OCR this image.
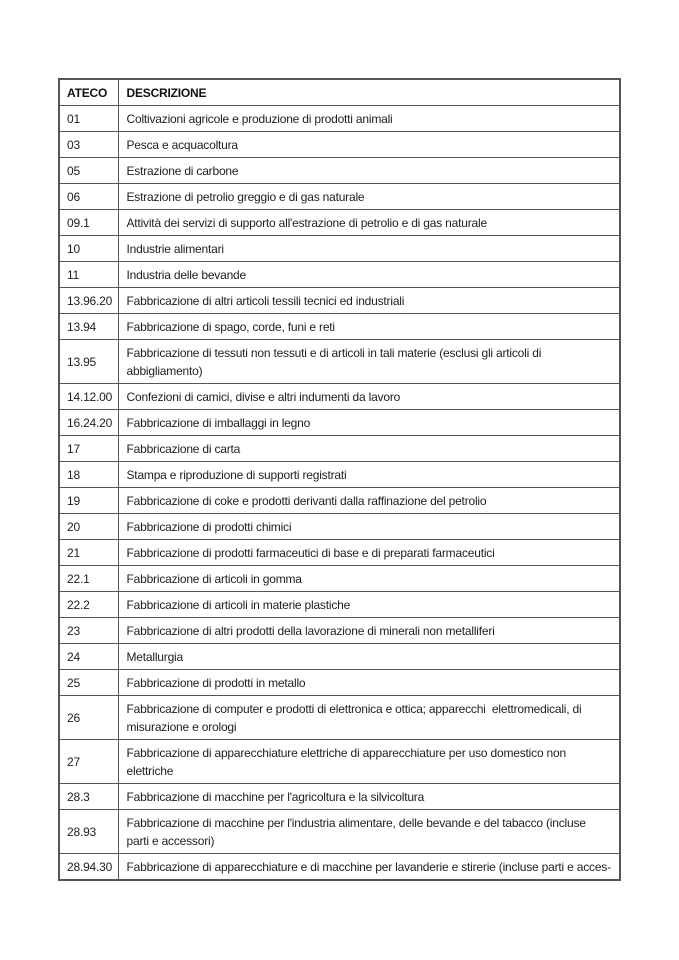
ATECO	DESCRIZIONE
01	Coltivazioni agricole e produzione di prodotti animali
03	Pesca e acquacoltura
05	Estrazione di carbone
06	Estrazione di petrolio greggio e di gas naturale
09.1	Attività dei servizi di supporto all'estrazione di petrolio e di gas naturale
10	Industrie alimentari
11	Industria delle bevande
13.96.20	Fabbricazione di altri articoli tessili tecnici ed industriali
13.94	Fabbricazione di spago, corde, funi e reti
13.95	Fabbricazione di tessuti non tessuti e di articoli in tali materie (esclusi gli articoli di abbigliamento)
14.12.00	Confezioni di camici, divise e altri indumenti da lavoro
16.24.20	Fabbricazione di imballaggi in legno
17	Fabbricazione di carta
18	Stampa e riproduzione di supporti registrati
19	Fabbricazione di coke e prodotti derivanti dalla raffinazione del petrolio
20	Fabbricazione di prodotti chimici
21	Fabbricazione di prodotti farmaceutici di base e di preparati farmaceutici
22.1	Fabbricazione di articoli in gomma
22.2	Fabbricazione di articoli in materie plastiche
23	Fabbricazione di altri prodotti della lavorazione di minerali non metalliferi
24	Metallurgia
25	Fabbricazione di prodotti in metallo
26	Fabbricazione di computer e prodotti di elettronica e ottica; apparecchi  elettromedicali, di misurazione e orologi
27	Fabbricazione di apparecchiature elettriche di apparecchiature per uso domestico non elettriche
28.3	Fabbricazione di macchine per l'agricoltura e la silvicoltura
28.93	Fabbricazione di macchine per l'industria alimentare, delle bevande e del tabacco (incluse parti e accessori)
28.94.30	Fabbricazione di apparecchiature e di macchine per lavanderie e stirerie (incluse parti e acces-
